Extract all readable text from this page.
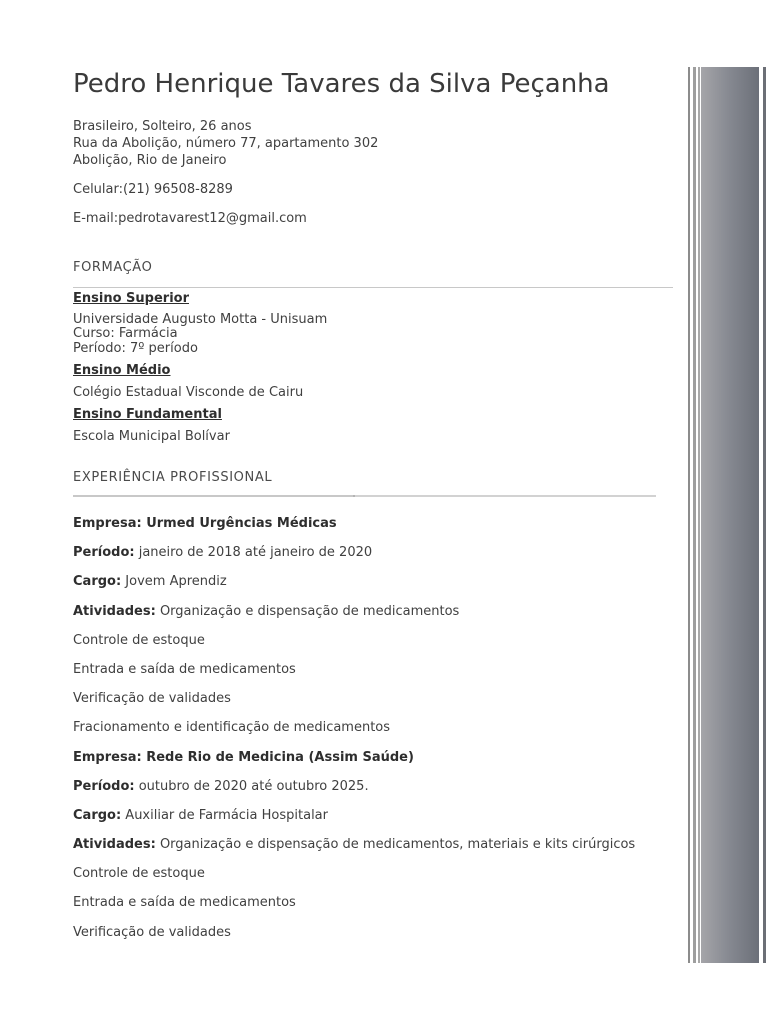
Pedro Henrique Tavares da Silva Peçanha

Brasileiro, Solteiro, 26 anos

Rua da Abolição, número 77, apartamento 302

Abolição, Rio de Janeiro

Celular:(21) 96508-8289

E-mail:pedrotavarest12@gmail.com

FORMAÇÃO
Ensino Superior

Universidade Augusto Motta - Unisuam

Curso: Farmácia

Período: 7º período

Ensino Médio

Colégio Estadual Visconde de Cairu

Ensino Fundamental

Escola Municipal Bolívar

EXPERIÊNCIA PROFISSIONAL

Empresa: Urmed Urgências Médicas

Período: janeiro de 2018 até janeiro de 2020

Cargo: Jovem Aprendiz

Atividades: Organização e dispensação de medicamentos

Controle de estoque

Entrada e saída de medicamentos

Verificação de validades

Fracionamento e identificação de medicamentos

Empresa: Rede Rio de Medicina (Assim Saúde)

Período: outubro de 2020 até outubro 2025.

Cargo: Auxiliar de Farmácia Hospitalar

Atividades: Organização e dispensação de medicamentos, materiais e kits cirúrgicos

Controle de estoque

Entrada e saída de medicamentos

Verificação de validades
